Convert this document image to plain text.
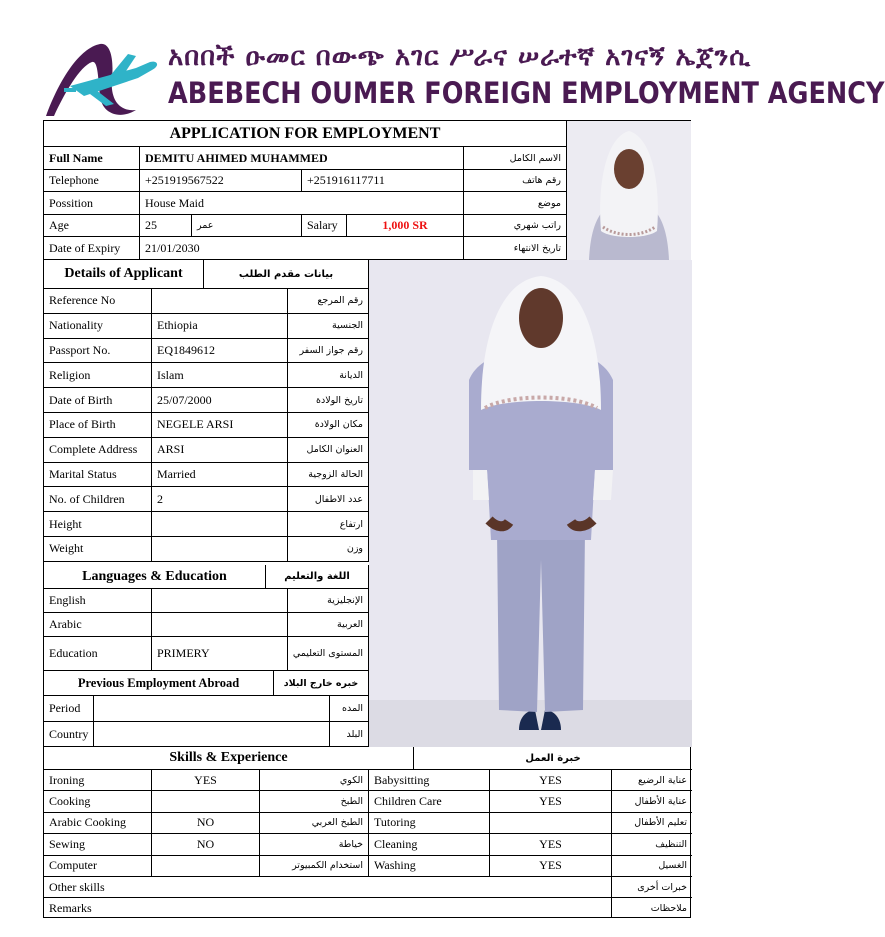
አበበች ዑመር በውጭ አገር ሥራና ሠራተኛ አገናኝ ኤጀንሲ
ABEBECH OUMER FOREIGN EMPLOYMENT AGENCY
APPLICATION FOR EMPLOYMENT
Full Name	DEMITU AHIMED MUHAMMED	الاسم الكامل
Telephone	+251919567522	+251916117711	رقم هاتف
Possition	House Maid	موضع
Age	25	عمر	Salary	1,000 SR	راتب شهري
Date of Expiry	21/01/2030	تاريخ الانتهاء
Details of Applicant	بيانات مقدم الطلب
Reference No	رقم المرجع
Nationality	Ethiopia	الجنسية
Passport No.	EQ1849612	رقم جواز السفر
Religion	Islam	الديانة
Date of Birth	25/07/2000	تاريخ الولادة
Place of Birth	NEGELE ARSI	مكان الولادة
Complete Address	ARSI	العنوان الكامل
Marital Status	Married	الحالة الزوجية
No. of Children	2	عدد الاطفال
Height	ارتفاع
Weight	وزن
Languages & Education	اللغة والتعليم
English	الإنجليزية
Arabic	العربية
Education	PRIMERY	المستوى التعليمي
Previous Employment Abroad	خبره خارج البلاد
Period	المده
Country	البلد
Skills & Experience	خبرة العمل
Ironing	YES	الكوي Babysitting	YES	عناية الرضيع
Cooking	الطبخ Children Care	YES	عناية الأطفال
Arabic Cooking	NO	الطبخ العربي Tutoring	تعليم الأطفال
Sewing	NO	خياطة Cleaning	YES	التنظيف
Computer	استخدام الكمبيوتر Washing	YES	الغسيل
Other skills	خبرات أخرى
Remarks	ملاحظات
